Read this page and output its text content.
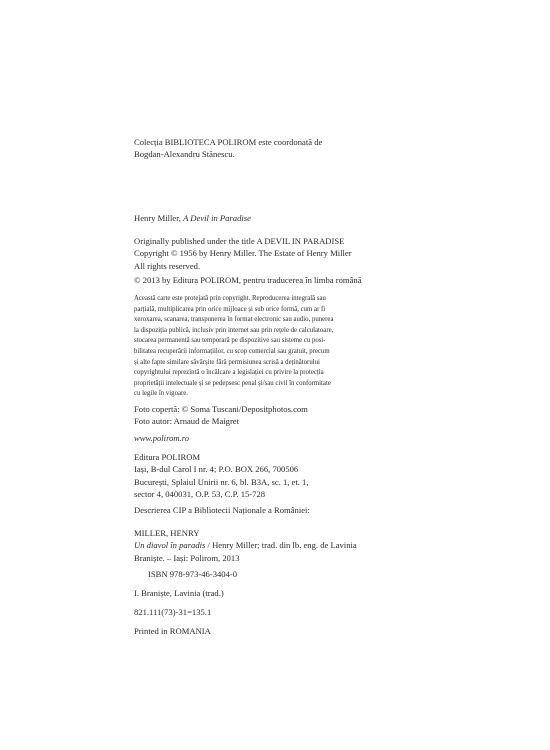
Colecția BIBLIOTECA POLIROM este coordonată de
Bogdan-Alexandru Stănescu.
Henry Miller, A Devil in Paradise
Originally published under the title A DEVIL IN PARADISE
Copyright © 1956 by Henry Miller. The Estate of Henry Miller
All rights reserved.
© 2013 by Editura POLIROM, pentru traducerea în limba română
Această carte este protejată prin copyright. Reproducerea integrală sau
parțială, multiplicarea prin orice mijloace și sub orice formă, cum ar fi
xeroxarea, scanarea, transpunerea în format electronic sau audio, punerea
la dispoziția publică, inclusiv prin internet sau prin rețele de calculatoare,
stocarea permanentă sau temporară pe dispozitive sau sisteme cu posi-
bilitatea recuperării informațiilor, cu scop comercial sau gratuit, precum
și alte fapte similare săvârșite fără permisiunea scrisă a deținătorului
copyrightului reprezintă o încălcare a legislației cu privire la protecția
proprietății intelectuale și se pedepsesc penal și/sau civil în conformitate
cu legile în vigoare.
Foto copertă: © Soma Tuscani/Depositphotos.com
Foto autor: Arnaud de Maigret
www.polirom.ro
Editura POLIROM
Iași, B-dul Carol I nr. 4; P.O. BOX 266, 700506
București, Splaiul Unirii nr. 6, bl. B3A, sc. 1, et. 1,
sector 4, 040031, O.P. 53, C.P. 15-728
Descrierea CIP a Bibliotecii Naționale a României:
MILLER, HENRY
Un diavol în paradis / Henry Miller; trad. din lb. eng. de Lavinia
Braniște. – Iași: Polirom, 2013
ISBN 978-973-46-3404-0
I. Braniște, Lavinia (trad.)
821.111(73)-31=135.1
Printed in ROMANIA
